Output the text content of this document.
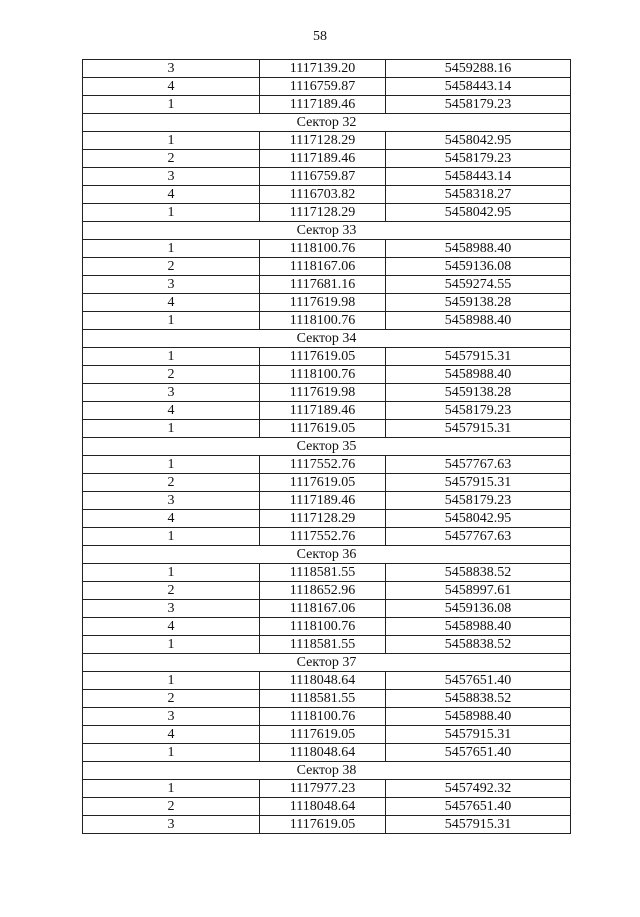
58
3	1117139.20	5459288.16
4	1116759.87	5458443.14
1	1117189.46	5458179.23
Сектор 32		
1	1117128.29	5458042.95
2	1117189.46	5458179.23
3	1116759.87	5458443.14
4	1116703.82	5458318.27
1	1117128.29	5458042.95
Сектор 33		
1	1118100.76	5458988.40
2	1118167.06	5459136.08
3	1117681.16	5459274.55
4	1117619.98	5459138.28
1	1118100.76	5458988.40
Сектор 34		
1	1117619.05	5457915.31
2	1118100.76	5458988.40
3	1117619.98	5459138.28
4	1117189.46	5458179.23
1	1117619.05	5457915.31
Сектор 35		
1	1117552.76	5457767.63
2	1117619.05	5457915.31
3	1117189.46	5458179.23
4	1117128.29	5458042.95
1	1117552.76	5457767.63
Сектор 36		
1	1118581.55	5458838.52
2	1118652.96	5458997.61
3	1118167.06	5459136.08
4	1118100.76	5458988.40
1	1118581.55	5458838.52
Сектор 37		
1	1118048.64	5457651.40
2	1118581.55	5458838.52
3	1118100.76	5458988.40
4	1117619.05	5457915.31
1	1118048.64	5457651.40
Сектор 38		
1	1117977.23	5457492.32
2	1118048.64	5457651.40
3	1117619.05	5457915.31
